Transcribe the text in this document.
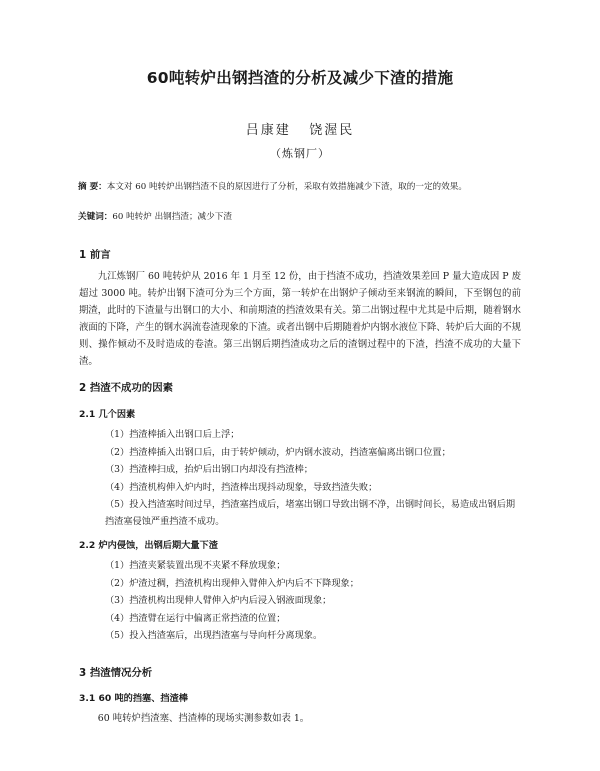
60吨转炉出钢挡渣的分析及减少下渣的措施
吕康建   饶渥民
（炼钢厂）
摘 要：本文对 60 吨转炉出钢挡渣不良的原因进行了分析，采取有效措施减少下渣，取的一定的效果。
关键词：60 吨转炉 出钢挡渣；减少下渣
1 前言
九江炼钢厂 60 吨转炉从 2016 年 1 月至 12 份，由于挡渣不成功，挡渣效果差回 P 量大造成因 P 废超过 3000 吨。转炉出钢下渣可分为三个方面，第一转炉在出钢炉子倾动至来钢流的瞬间，下至钢包的前期渣，此时的下渣量与出钢口的大小、和前期渣的挡渣效果有关。第二出钢过程中尤其是中后期，随着钢水液面的下降，产生的钢水涡流卷渣现象的下渣。或者出钢中后期随着炉内钢水液位下降、转炉后大面的不规则、操作倾动不及时造成的卷渣。第三出钢后期挡渣成功之后的渣钢过程中的下渣，挡渣不成功的大量下渣。
2 挡渣不成功的因素
2.1 几个因素
（1）挡渣棒插入出钢口后上浮；
（2）挡渣棒插入出钢口后，由于转炉倾动，炉内钢水波动，挡渣塞偏离出钢口位置；
（3）挡渣棒扫成，抬炉后出钢口内却没有挡渣棒；
（4）挡渣机构伸入炉内时，挡渣棒出现抖动现象，导致挡渣失败；
（5）投入挡渣塞时间过早，挡渣塞挡成后，堵塞出钢口导致出钢不净，出钢时间长，易造成出钢后期挡渣塞侵蚀严重挡渣不成功。
2.2 炉内侵蚀，出钢后期大量下渣
（1）挡渣夹紧装置出现不夹紧不释放现象；
（2）炉渣过稠，挡渣机构出现伸入臂伸入炉内后不下降现象；
（3）挡渣机构出现伸人臂伸入炉内后浸入钢液面现象；
（4）挡渣臂在运行中偏离正常挡渣的位置；
（5）投入挡渣塞后，出现挡渣塞与导向杆分离现象。
3 挡渣情况分析
3.1 60 吨的挡塞、挡渣棒
60 吨转炉挡渣塞、挡渣棒的现场实测参数如表 1。
